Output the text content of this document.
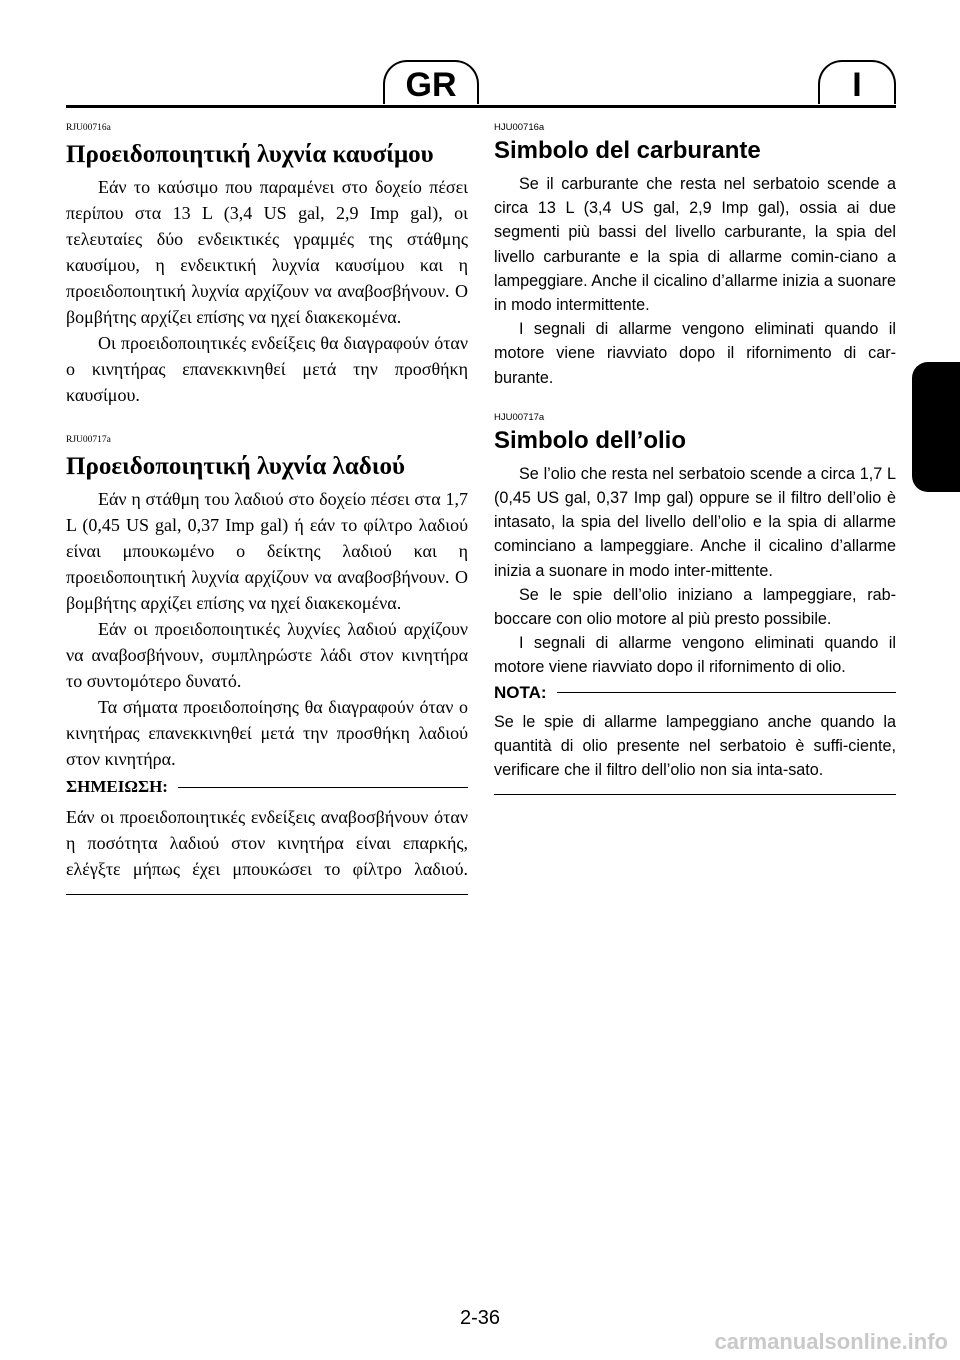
GR	I
RJU00716a
Προειδοποιητική λυχνία καυσίμου

Εάν το καύσιμο που παραμένει στο δοχείο πέσει περίπου στα 13 L (3,4 US gal, 2,9 Imp gal), οι τελευταίες δύο ενδεικτικές γραμμές της στάθμης καυσίμου, η ενδεικτική λυχνία καυσίμου και η προειδοποιητική λυχνία αρχίζουν να αναβοσβήνουν. Ο βομβήτης αρχίζει επίσης να ηχεί διακεκομένα.

Οι προειδοποιητικές ενδείξεις θα διαγραφούν όταν ο κινητήρας επανεκκινηθεί μετά την προσθήκη καυσίμου.

RJU00717a
Προειδοποιητική λυχνία λαδιού

Εάν η στάθμη του λαδιού στο δοχείο πέσει στα 1,7 L (0,45 US gal, 0,37 Imp gal) ή εάν το φίλτρο λαδιού είναι μπουκωμένο ο δείκτης λαδιού και η προειδοποιητική λυχνία αρχίζουν να αναβοσβήνουν. Ο βομβήτης αρχίζει επίσης να ηχεί διακεκομένα.

Εάν οι προειδοποιητικές λυχνίες λαδιού αρχίζουν να αναβοσβήνουν, συμπληρώστε λάδι στον κινητήρα το συντομότερο δυνατό.

Τα σήματα προειδοποίησης θα διαγραφούν όταν ο κινητήρας επανεκκινηθεί μετά την προσθήκη λαδιού στον κινητήρα.

ΣΗΜΕΙΩΣΗ:

Εάν οι προειδοποιητικές ενδείξεις αναβοσβήνουν όταν η ποσότητα λαδιού στον κινητήρα είναι επαρκής, ελέγξτε μήπως έχει μπουκώσει το φίλτρο λαδιού.

HJU00716a
Simbolo del carburante

Se il carburante che resta nel serbatoio scende a circa 13 L (3,4 US gal, 2,9 Imp gal), ossia ai due segmenti più bassi del livello carburante, la spia del livello carburante e la spia di allarme comin-ciano a lampeggiare. Anche il cicalino d’allarme inizia a suonare in modo intermittente.

I segnali di allarme vengono eliminati quando il motore viene riavviato dopo il rifornimento di car-burante.

HJU00717a
Simbolo dell’olio

Se l’olio che resta nel serbatoio scende a circa 1,7 L (0,45 US gal, 0,37 Imp gal) oppure se il filtro dell’olio è intasato, la spia del livello dell’olio e la spia di allarme cominciano a lampeggiare. Anche il cicalino d’allarme inizia a suonare in modo inter-mittente.

Se le spie dell’olio iniziano a lampeggiare, rab-boccare con olio motore al più presto possibile.

I segnali di allarme vengono eliminati quando il motore viene riavviato dopo il rifornimento di olio.

NOTA:

Se le spie di allarme lampeggiano anche quando la quantità di olio presente nel serbatoio è suffi-ciente, verificare che il filtro dell’olio non sia inta-sato.

2-36
carmanualsonline.info
